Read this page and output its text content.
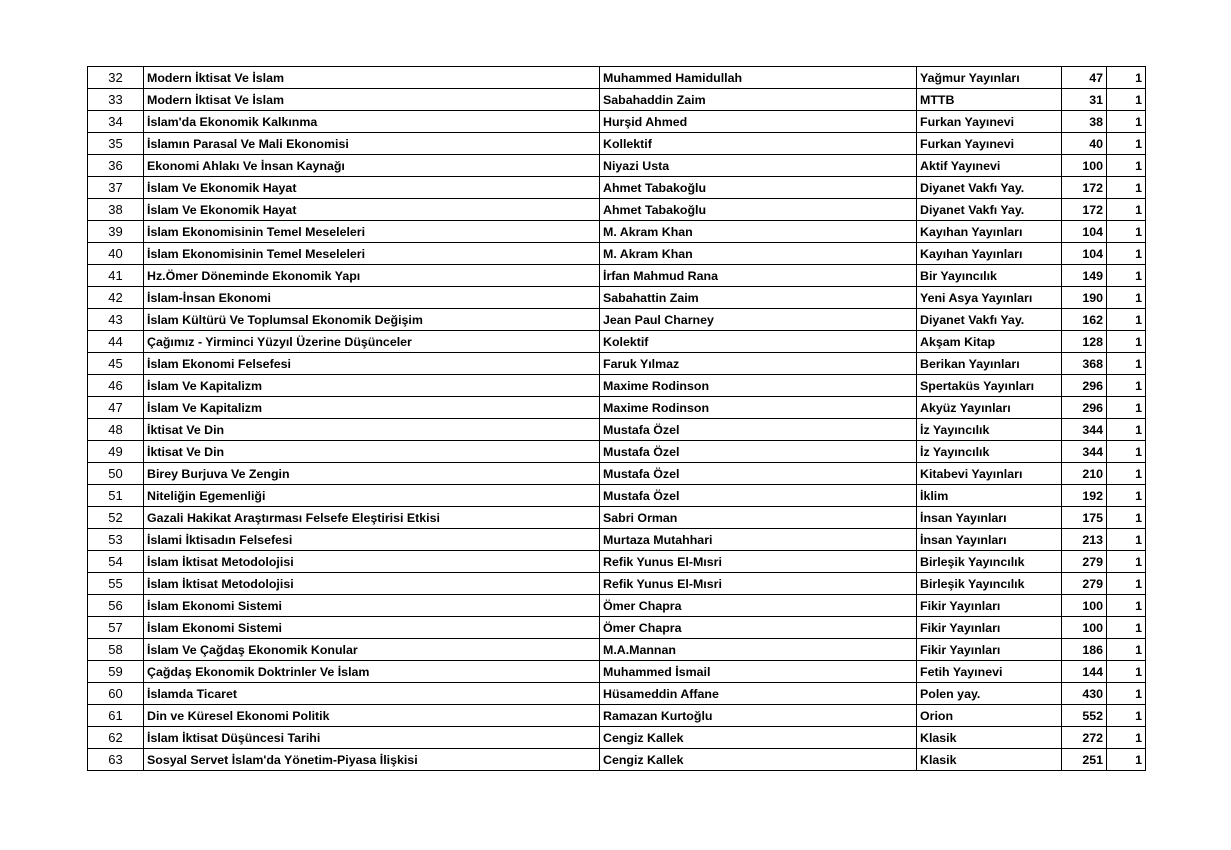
32	Modern İktisat Ve İslam	Muhammed Hamidullah	Yağmur Yayınları	47	1
33	Modern İktisat Ve İslam	Sabahaddin Zaim	MTTB	31	1
34	İslam'da Ekonomik Kalkınma	Hurşid Ahmed	Furkan Yayınevi	38	1
35	İslamın Parasal Ve Mali Ekonomisi	Kollektif	Furkan Yayınevi	40	1
36	Ekonomi Ahlakı Ve İnsan Kaynağı	Niyazi Usta	Aktif Yayınevi	100	1
37	İslam Ve Ekonomik Hayat	Ahmet Tabakoğlu	Diyanet Vakfı Yay.	172	1
38	İslam Ve Ekonomik Hayat	Ahmet Tabakoğlu	Diyanet Vakfı Yay.	172	1
39	İslam Ekonomisinin Temel Meseleleri	M. Akram Khan	Kayıhan Yayınları	104	1
40	İslam Ekonomisinin Temel Meseleleri	M. Akram Khan	Kayıhan Yayınları	104	1
41	Hz.Ömer Döneminde Ekonomik Yapı	İrfan Mahmud Rana	Bir Yayıncılık	149	1
42	İslam-İnsan Ekonomi	Sabahattin Zaim	Yeni Asya Yayınları	190	1
43	İslam Kültürü Ve Toplumsal Ekonomik Değişim	Jean Paul Charney	Diyanet Vakfı Yay.	162	1
44	Çağımız - Yirminci Yüzyıl Üzerine Düşünceler	Kolektif	Akşam Kitap	128	1
45	İslam Ekonomi Felsefesi	Faruk Yılmaz	Berikan Yayınları	368	1
46	İslam Ve Kapitalizm	Maxime Rodinson	Spertaküs Yayınları	296	1
47	İslam Ve Kapitalizm	Maxime Rodinson	Akyüz Yayınları	296	1
48	İktisat Ve Din	Mustafa Özel	İz Yayıncılık	344	1
49	İktisat Ve Din	Mustafa Özel	İz Yayıncılık	344	1
50	Birey Burjuva Ve Zengin	Mustafa Özel	Kitabevi Yayınları	210	1
51	Niteliğin Egemenliği	Mustafa Özel	İklim	192	1
52	Gazali Hakikat Araştırması Felsefe Eleştirisi Etkisi	Sabri Orman	İnsan Yayınları	175	1
53	İslami İktisadın Felsefesi	Murtaza Mutahhari	İnsan Yayınları	213	1
54	İslam İktisat Metodolojisi	Refik Yunus El-Mısri	Birleşik Yayıncılık	279	1
55	İslam İktisat Metodolojisi	Refik Yunus El-Mısri	Birleşik Yayıncılık	279	1
56	İslam Ekonomi Sistemi	Ömer Chapra	Fikir Yayınları	100	1
57	İslam Ekonomi Sistemi	Ömer Chapra	Fikir Yayınları	100	1
58	İslam Ve Çağdaş Ekonomik Konular	M.A.Mannan	Fikir Yayınları	186	1
59	Çağdaş Ekonomik Doktrinler Ve İslam	Muhammed İsmail	Fetih Yayınevi	144	1
60	İslamda Ticaret	Hüsameddin Affane	Polen yay.	430	1
61	Din ve Küresel Ekonomi Politik	Ramazan Kurtoğlu	Orion	552	1
62	İslam İktisat Düşüncesi Tarihi	Cengiz Kallek	Klasik	272	1
63	Sosyal Servet İslam'da Yönetim-Piyasa İlişkisi	Cengiz Kallek	Klasik	251	1
